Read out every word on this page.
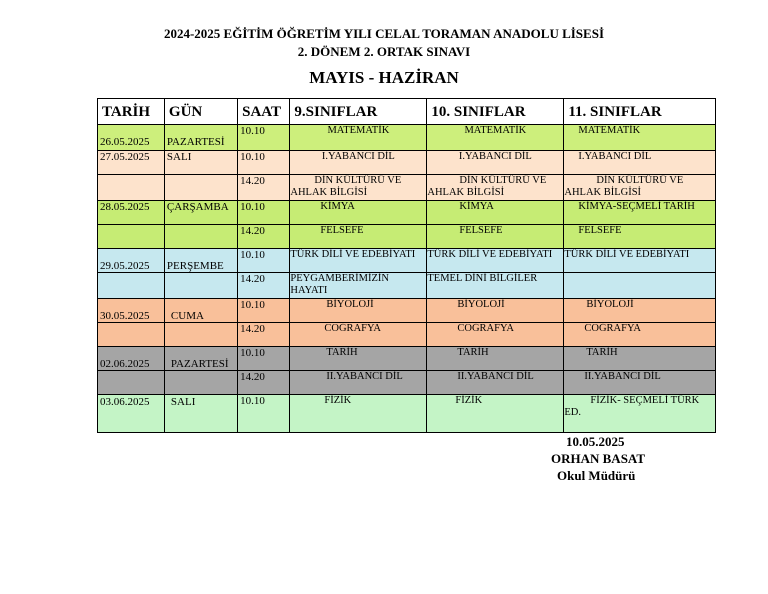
2024-2025 EĞİTİM ÖĞRETİM YILI CELAL TORAMAN ANADOLU LİSESİ
2. DÖNEM 2. ORTAK SINAVI
MAYIS - HAZİRAN
TARİH	GÜN	SAAT	9.SINIFLAR	10. SINIFLAR	11. SINIFLAR
26.05.2025	PAZARTESİ	10.10	MATEMATİK	MATEMATİK	MATEMATİK
27.05.2025	SALI	10.10	I.YABANCI DİL	I.YABANCI DİL	I.YABANCI DİL
		14.20	DİN KÜLTÜRÜ VE AHLAK BİLGİSİ	DİN KÜLTÜRÜ VE AHLAK BİLGİSİ	DİN KÜLTÜRÜ VE AHLAK BİLGİSİ
28.05.2025	ÇARŞAMBA	10.10	KİMYA	KİMYA	KİMYA-SEÇMELİ TARİH
		14.20	FELSEFE	FELSEFE	FELSEFE
29.05.2025	PERŞEMBE	10.10	TÜRK DİLİ VE EDEBİYATI	TÜRK DİLİ VE EDEBİYATI	TÜRK DİLİ VE EDEBİYATI
		14.20	PEYGAMBERİMİZİN HAYATI	TEMEL DİNİ BİLGİLER	
30.05.2025	CUMA	10.10	BİYOLOJİ	BİYOLOJİ	BİYOLOJİ
		14.20	COĞRAFYA	COĞRAFYA	COĞRAFYA
02.06.2025	PAZARTESİ	10.10	TARİH	TARİH	TARİH
		14.20	II.YABANCI DİL	II.YABANCI DİL	II.YABANCI DİL
03.06.2025	SALI	10.10	FİZİK	FİZİK	FİZİK- SEÇMELİ TÜRK ED.
10.05.2025
ORHAN BASAT
Okul Müdürü
